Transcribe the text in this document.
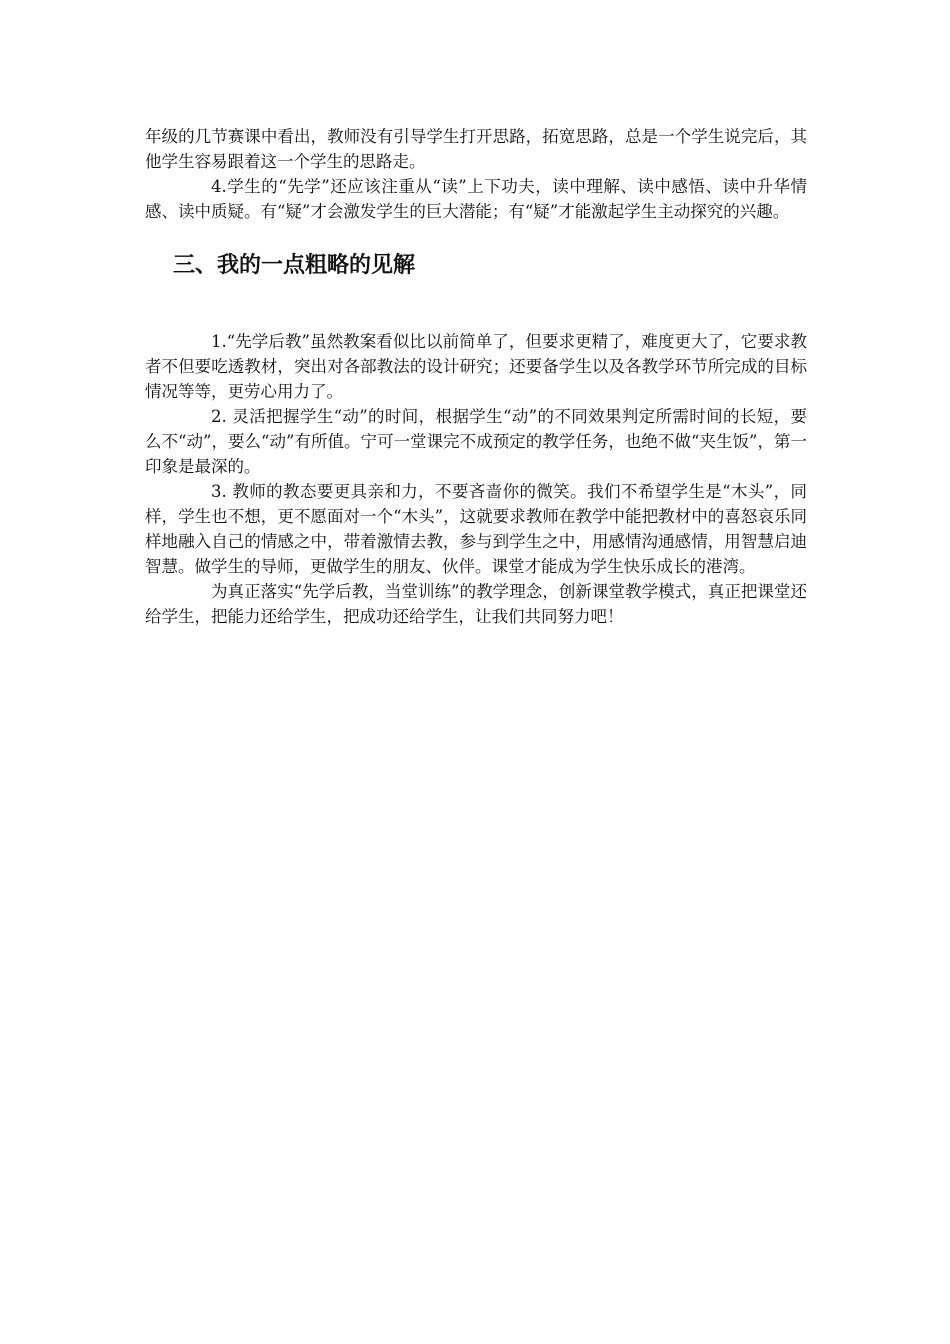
年级的几节赛课中看出，教师没有引导学生打开思路，拓宽思路，总是一个学生说完后，其他学生容易跟着这一个学生的思路走。

4.学生的“先学”还应该注重从“读”上下功夫，读中理解、读中感悟、读中升华情感、读中质疑。有“疑”才会激发学生的巨大潜能；有“疑”才能激起学生主动探究的兴趣。

三、我的一点粗略的见解

1.“先学后教”虽然教案看似比以前简单了，但要求更精了，难度更大了，它要求教者不但要吃透教材，突出对各部教法的设计研究；还要备学生以及各教学环节所完成的目标情况等等，更劳心用力了。

2. 灵活把握学生“动”的时间，根据学生“动”的不同效果判定所需时间的长短，要么不“动”，要么“动”有所值。宁可一堂课完不成预定的教学任务，也绝不做“夹生饭”，第一印象是最深的。

3. 教师的教态要更具亲和力，不要吝啬你的微笑。我们不希望学生是“木头”，同样，学生也不想，更不愿面对一个“木头”，这就要求教师在教学中能把教材中的喜怒哀乐同样地融入自己的情感之中，带着激情去教，参与到学生之中，用感情沟通感情，用智慧启迪智慧。做学生的导师，更做学生的朋友、伙伴。课堂才能成为学生快乐成长的港湾。

为真正落实“先学后教，当堂训练”的教学理念，创新课堂教学模式，真正把课堂还给学生，把能力还给学生，把成功还给学生，让我们共同努力吧！
